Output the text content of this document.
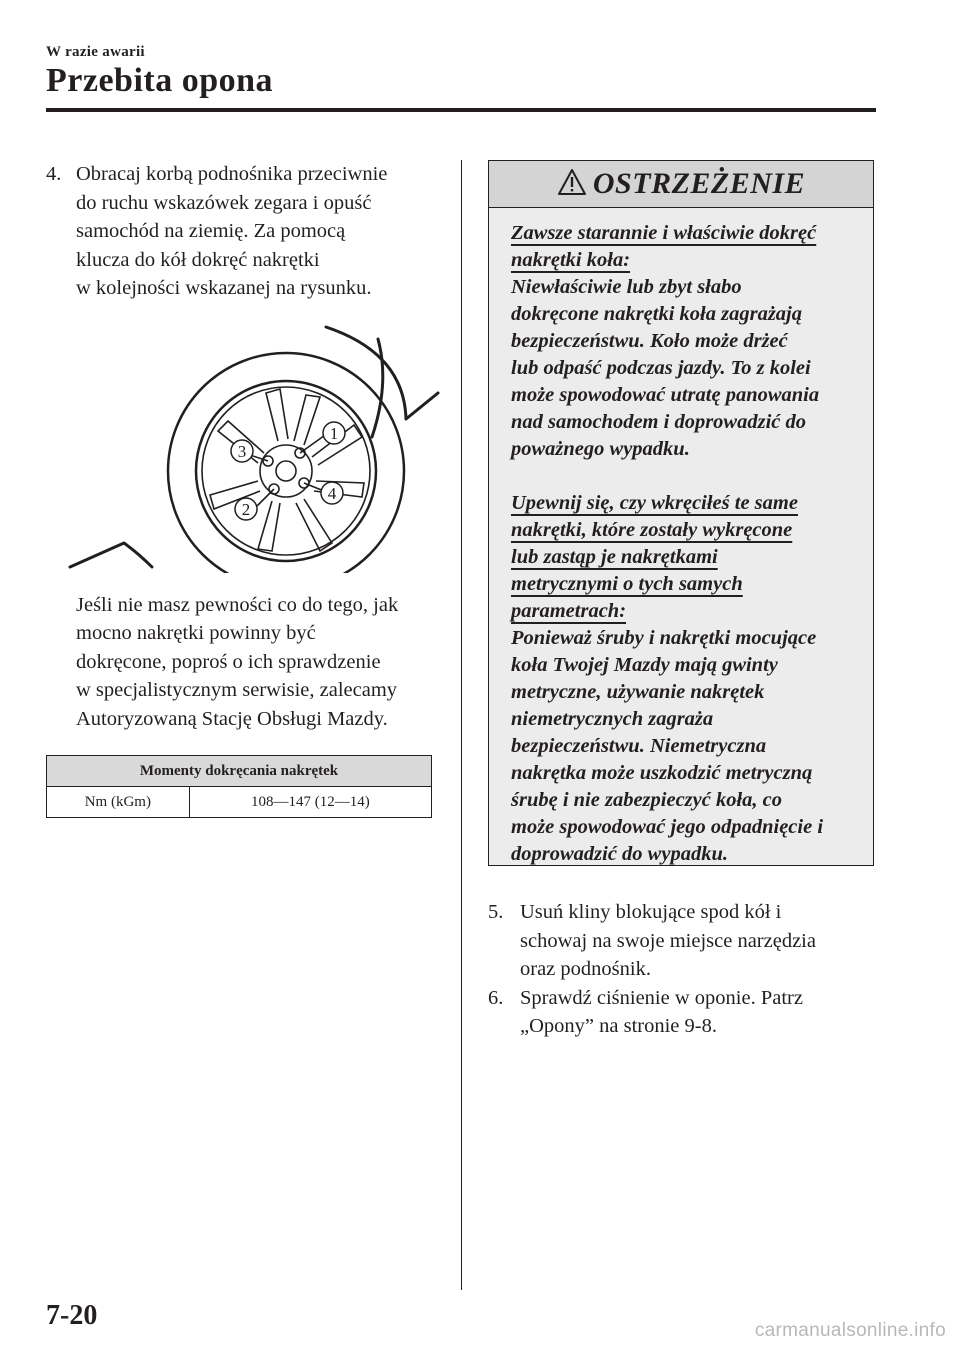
W razie awarii
Przebita opona
4. Obracaj korbą podnośnika przeciwnie
do ruchu wskazówek zegara i opuść
samochód na ziemię. Za pomocą
klucza do kół dokręć nakrętki
w kolejności wskazanej na rysunku.
1
3
2
4
Jeśli nie masz pewności co do tego, jak
mocno nakrętki powinny być
dokręcone, poproś o ich sprawdzenie
w specjalistycznym serwisie, zalecamy
Autoryzowaną Stację Obsługi Mazdy.
Momenty dokręcania nakrętek
Nm (kGm)	108—147 (12—14)
OSTRZEŻENIE

Zawsze starannie i właściwie dokręć

nakrętki koła:

Niewłaściwie lub zbyt słabo

dokręcone nakrętki koła zagrażają

bezpieczeństwu. Koło może drżeć

lub odpaść podczas jazdy. To z kolei

może spowodować utratę panowania

nad samochodem i doprowadzić do

poważnego wypadku.

Upewnij się, czy wkręciłeś te same

nakrętki, które zostały wykręcone

lub zastąp je nakrętkami

metrycznymi o tych samych

parametrach:

Ponieważ śruby i nakrętki mocujące

koła Twojej Mazdy mają gwinty

metryczne, używanie nakrętek

niemetrycznych zagraża

bezpieczeństwu. Niemetryczna

nakrętka może uszkodzić metryczną

śrubę i nie zabezpieczyć koła, co

może spowodować jego odpadnięcie i

doprowadzić do wypadku.

5. Usuń kliny blokujące spod kół i
schowaj na swoje miejsce narzędzia
oraz podnośnik.
6. Sprawdź ciśnienie w oponie. Patrz
„Opony” na stronie 9-8.
7-20	carmanualsonline.info
